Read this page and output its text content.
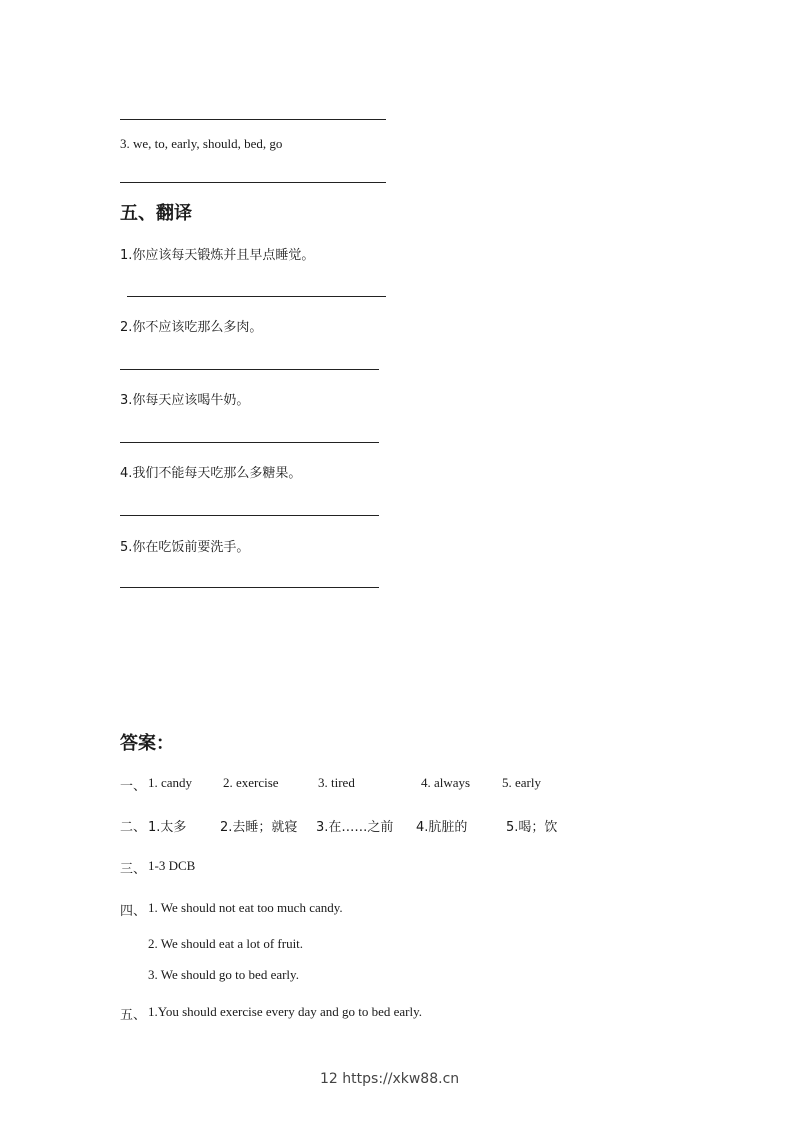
3. we, to, early, should, bed, go
五、翻译
1.你应该每天锻炼并且早点睡觉。
2.你不应该吃那么多肉。
3.你每天应该喝牛奶。
4.我们不能每天吃那么多糖果。
5.你在吃饭前要洗手。
答案：
一、 1. candy 2. exercise	3. tired	4. always 5. early
二、 1.太多	2.去睡；就寝 3.在……之前 4.肮脏的	5.喝；饮
三、 1-3 DCB
四、 1. We should not eat too much candy.
2. We should eat a lot of fruit.
3. We should go to bed early.
五、 1.You should exercise every day and go to bed early.
12 https://xkw88.cn
